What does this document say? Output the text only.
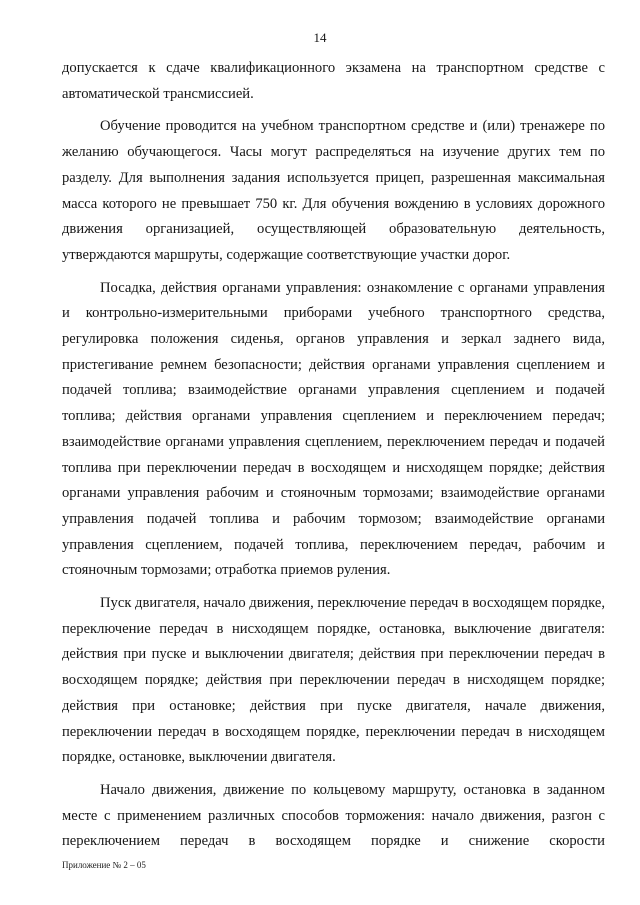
14

допускается к сдаче квалификационного экзамена на транспортном средстве с автоматической трансмиссией.

Обучение проводится на учебном транспортном средстве и (или) тренажере по желанию обучающегося. Часы могут распределяться на изучение других тем по разделу. Для выполнения задания используется прицеп, разрешенная максимальная масса которого не превышает 750 кг. Для обучения вождению в условиях дорожного движения организацией, осуществляющей образовательную деятельность, утверждаются маршруты, содержащие соответствующие участки дорог.

Посадка, действия органами управления: ознакомление с органами управления и контрольно-измерительными приборами учебного транспортного средства, регулировка положения сиденья, органов управления и зеркал заднего вида, пристегивание ремнем безопасности; действия органами управления сцеплением и подачей топлива; взаимодействие органами управления сцеплением и подачей топлива; действия органами управления сцеплением и переключением передач; взаимодействие органами управления сцеплением, переключением передач и подачей топлива при переключении передач в восходящем и нисходящем порядке; действия органами управления рабочим и стояночным тормозами; взаимодействие органами управления подачей топлива и рабочим тормозом; взаимодействие органами управления сцеплением, подачей топлива, переключением передач, рабочим и стояночным тормозами; отработка приемов руления.

Пуск двигателя, начало движения, переключение передач в восходящем порядке, переключение передач в нисходящем порядке, остановка, выключение двигателя: действия при пуске и выключении двигателя; действия при переключении передач в восходящем порядке; действия при переключении передач в нисходящем порядке; действия при остановке; действия при пуске двигателя, начале движения, переключении передач в восходящем порядке, переключении передач в нисходящем порядке, остановке, выключении двигателя.

Начало движения, движение по кольцевому маршруту, остановка в заданном месте с применением различных способов торможения: начало движения, разгон с переключением передач в восходящем порядке и снижение скорости

Приложение № 2 – 05
